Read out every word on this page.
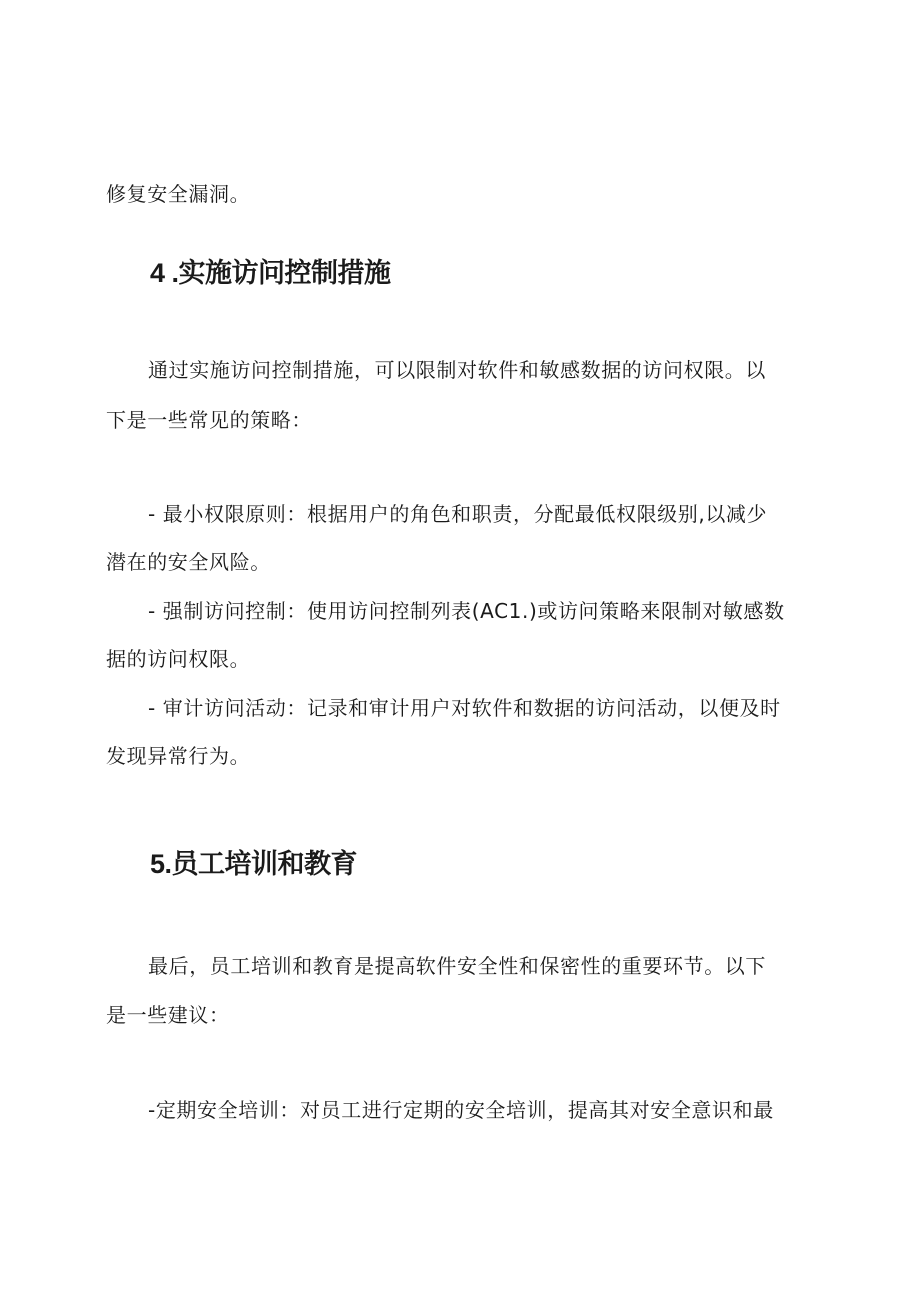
修复安全漏洞。
4 .实施访问控制措施
通过实施访问控制措施，可以限制对软件和敏感数据的访问权限。以
下是一些常见的策略：
- 最小权限原则：根据用户的角色和职责，分配最低权限级别,以减少
潜在的安全风险。
- 强制访问控制：使用访问控制列表(AC1.)或访问策略来限制对敏感数
据的访问权限。
- 审计访问活动：记录和审计用户对软件和数据的访问活动，以便及时
发现异常行为。
5.员工培训和教育
最后，员工培训和教育是提高软件安全性和保密性的重要环节。以下
是一些建议：
-定期安全培训：对员工进行定期的安全培训，提高其对安全意识和最
